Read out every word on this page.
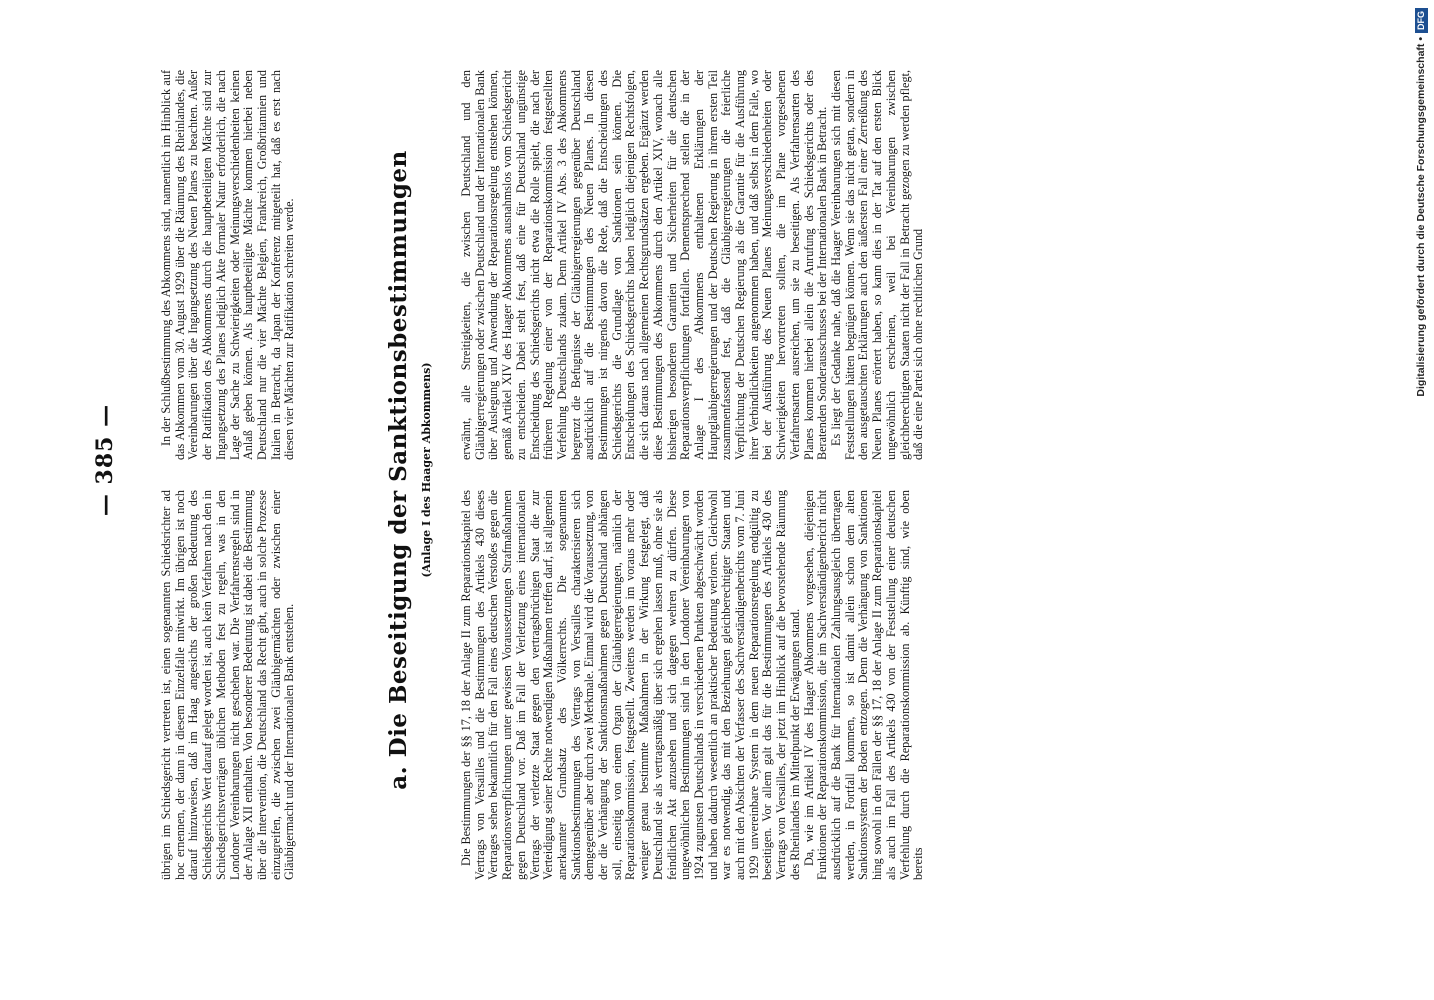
— 385 —

übrigen im Schiedsgericht vertreten ist, einen sogenannten Schiedsrichter ad hoc ernennen, der dann in diesem Einzelfalle mitwirkt. Im übrigen ist noch darauf hinzuweisen, daß im Haag angesichts der großen Bedeutung des Schiedsgerichts Wert darauf gelegt worden ist, auch kein Verfahren nach den in Schiedsgerichtsverträgen üblichen Methoden fest zu regeln, was in den Londoner Vereinbarungen nicht geschehen war. Die Verfahrensregeln sind in der Anlage XII enthalten. Von besonderer Bedeutung ist dabei die Bestimmung über die Intervention, die Deutschland das Recht gibt, auch in solche Prozesse einzugreifen, die zwischen zwei Gläubigermächten oder zwischen einer Gläubigermacht und der Internationalen Bank entstehen.

In der Schlußbestimmung des Abkommens sind, namentlich im Hinblick auf das Abkommen vom 30. August 1929 über die Räumung des Rheinlandes, die Vereinbarungen über die Ingangsetzung des Neuen Planes zu beachten. Außer der Ratifikation des Abkommens durch die hauptbeteiligten Mächte sind zur Ingangsetzung des Planes lediglich Akte formaler Natur erforderlich, die nach Lage der Sache zu Schwierigkeiten oder Meinungsverschiedenheiten keinen Anlaß geben können. Als hauptbeteiligte Mächte kommen hierbei neben Deutschland nur die vier Mächte Belgien, Frankreich, Großbritannien und Italien in Betracht, da Japan der Konferenz mitgeteilt hat, daß es erst nach diesen vier Mächten zur Ratifikation schreiten werde.	a. Die Beseitigung der Sanktionsbestimmungen (Anlage I des Haager Abkommens)

Die Bestimmungen der §§ 17, 18 der Anlage II zum Reparationskapitel des Vertrags von Versailles und die Bestimmungen des Artikels 430 dieses Vertrages sehen bekanntlich für den Fall eines deutschen Verstoßes gegen die Reparationsverpflichtungen unter gewissen Voraussetzungen Strafmaßnahmen gegen Deutschland vor. Daß im Fall der Verletzung eines internationalen Vertrags der verletzte Staat gegen den vertragsbrüchigen Staat die zur Verteidigung seiner Rechte notwendigen Maßnahmen treffen darf, ist allgemein anerkannter Grundsatz des Völkerrechts. Die sogenannten Sanktionsbestimmungen des Vertrags von Versailles charakterisieren sich demgegenüber aber durch zwei Merkmale. Einmal wird die Voraussetzung, von der die Verhängung der Sanktionsmaßnahmen gegen Deutschland abhängen soll, einseitig von einem Organ der Gläubigerregierungen, nämlich der Reparationskommission, festgestellt. Zweitens werden im voraus mehr oder weniger genau bestimmte Maßnahmen in der Wirkung festgelegt, daß Deutschland sie als vertragsmäßig über sich ergehen lassen muß, ohne sie als feindlichen Akt anzusehen und sich dagegen wehren zu dürfen. Diese ungewöhnlichen Bestimmungen sind in den Londoner Vereinbarungen von 1924 zugunsten Deutschlands in verschiedenen Punkten abgeschwächt worden und haben dadurch wesentlich an praktischer Bedeutung verloren. Gleichwohl war es notwendig, das mit den Beziehungen gleichberechtigter Staaten und auch mit den Absichten der Verfasser des Sachverständigenberichts vom 7. Juni 1929 unvereinbare System in dem neuen Reparationsregelung endgültig zu beseitigen. Vor allem galt das für die Bestimmungen des Artikels 430 des Vertrags von Versailles, der jetzt im Hinblick auf die bevorstehende Räumung des Rheinlandes im Mittelpunkt der Erwägungen stand. Da, wie im Artikel IV des Haager Abkommens vorgesehen, diejenigen Funktionen der Reparationskommission, die im Sachverständigenbericht nicht ausdrücklich auf die Bank für Internationalen Zahlungsausgleich übertragen werden, in Fortfall kommen, so ist damit allein schon dem alten Sanktionssystem der Boden entzogen. Denn die Verhängung von Sanktionen hing sowohl in den Fällen der §§ 17, 18 der Anlage II zum Reparationskapitel als auch im Fall des Artikels 430 von der Feststellung einer deutschen Verfehlung durch die Reparationskommission ab. Künftig sind, wie oben bereits

erwähnt, alle Streitigkeiten, die zwischen Deutschland und den Gläubigerregierungen oder zwischen Deutschland und der Internationalen Bank über Auslegung und Anwendung der Reparationsregelung entstehen können, gemäß Artikel XIV des Haager Abkommens ausnahmslos vom Schiedsgericht zu entscheiden. Dabei steht fest, daß eine für Deutschland ungünstige Entscheidung des Schiedsgerichts nicht etwa die Rolle spielt, die nach der früheren Regelung einer von der Reparationskommission festgestellten Verfehlung Deutschlands zukam. Denn Artikel IV Abs. 3 des Abkommens begrenzt die Befugnisse der Gläubigerregierungen gegenüber Deutschland ausdrücklich auf die Bestimmungen des Neuen Planes. In diesen Bestimmungen ist nirgends davon die Rede, daß die Entscheidungen des Schiedsgerichts die Grundlage von Sanktionen sein können. Die Entscheidungen des Schiedsgerichts haben lediglich diejenigen Rechtsfolgen, die sich daraus nach allgemeinen Rechtsgrundsätzen ergeben. Ergänzt werden diese Bestimmungen des Abkommens durch den Artikel XIV, wonach alle bisherigen besonderen Garantien und Sicherheiten für die deutschen Reparationsverpflichtungen fortfallen. Dementsprechend stellen die in der Anlage I des Abkommens enthaltenen Erklärungen der Hauptgläubigerregierungen und der Deutschen Regierung in ihrem ersten Teil zusammenfassend fest, daß die Gläubigerregierungen die feierliche Verpflichtung der Deutschen Regierung als die Garantie für die Ausführung ihrer Verbindlichkeiten angenommen haben, und daß selbst in dem Falle, wo bei der Ausführung des Neuen Planes Meinungsverschiedenheiten oder Schwierigkeiten hervortreten sollten, die im Plane vorgesehenen Verfahrensarten ausreichen, um sie zu beseitigen. Als Verfahrensarten des Planes kommen hierbei allein die Anrufung des Schiedsgerichts oder des Beratenden Sonderausschusses bei der Internationalen Bank in Betracht. Es liegt der Gedanke nahe, daß die Haager Vereinbarungen sich mit diesen Feststellungen hätten begnügen können. Wenn sie das nicht getan, sondern in den ausgetauschten Erklärungen auch den äußersten Fall einer Zerreißung des Neuen Planes erörtert haben, so kann dies in der Tat auf den ersten Blick ungewöhnlich erscheinen, weil bei Vereinbarungen zwischen gleichberechtigten Staaten nicht der Fall in Betracht gezogen zu werden pflegt, daß die eine Partei sich ohne rechtlichen Grund	Digitalisierung gefördert durch die Deutsche Forschungsgemeinschaft •DFG
